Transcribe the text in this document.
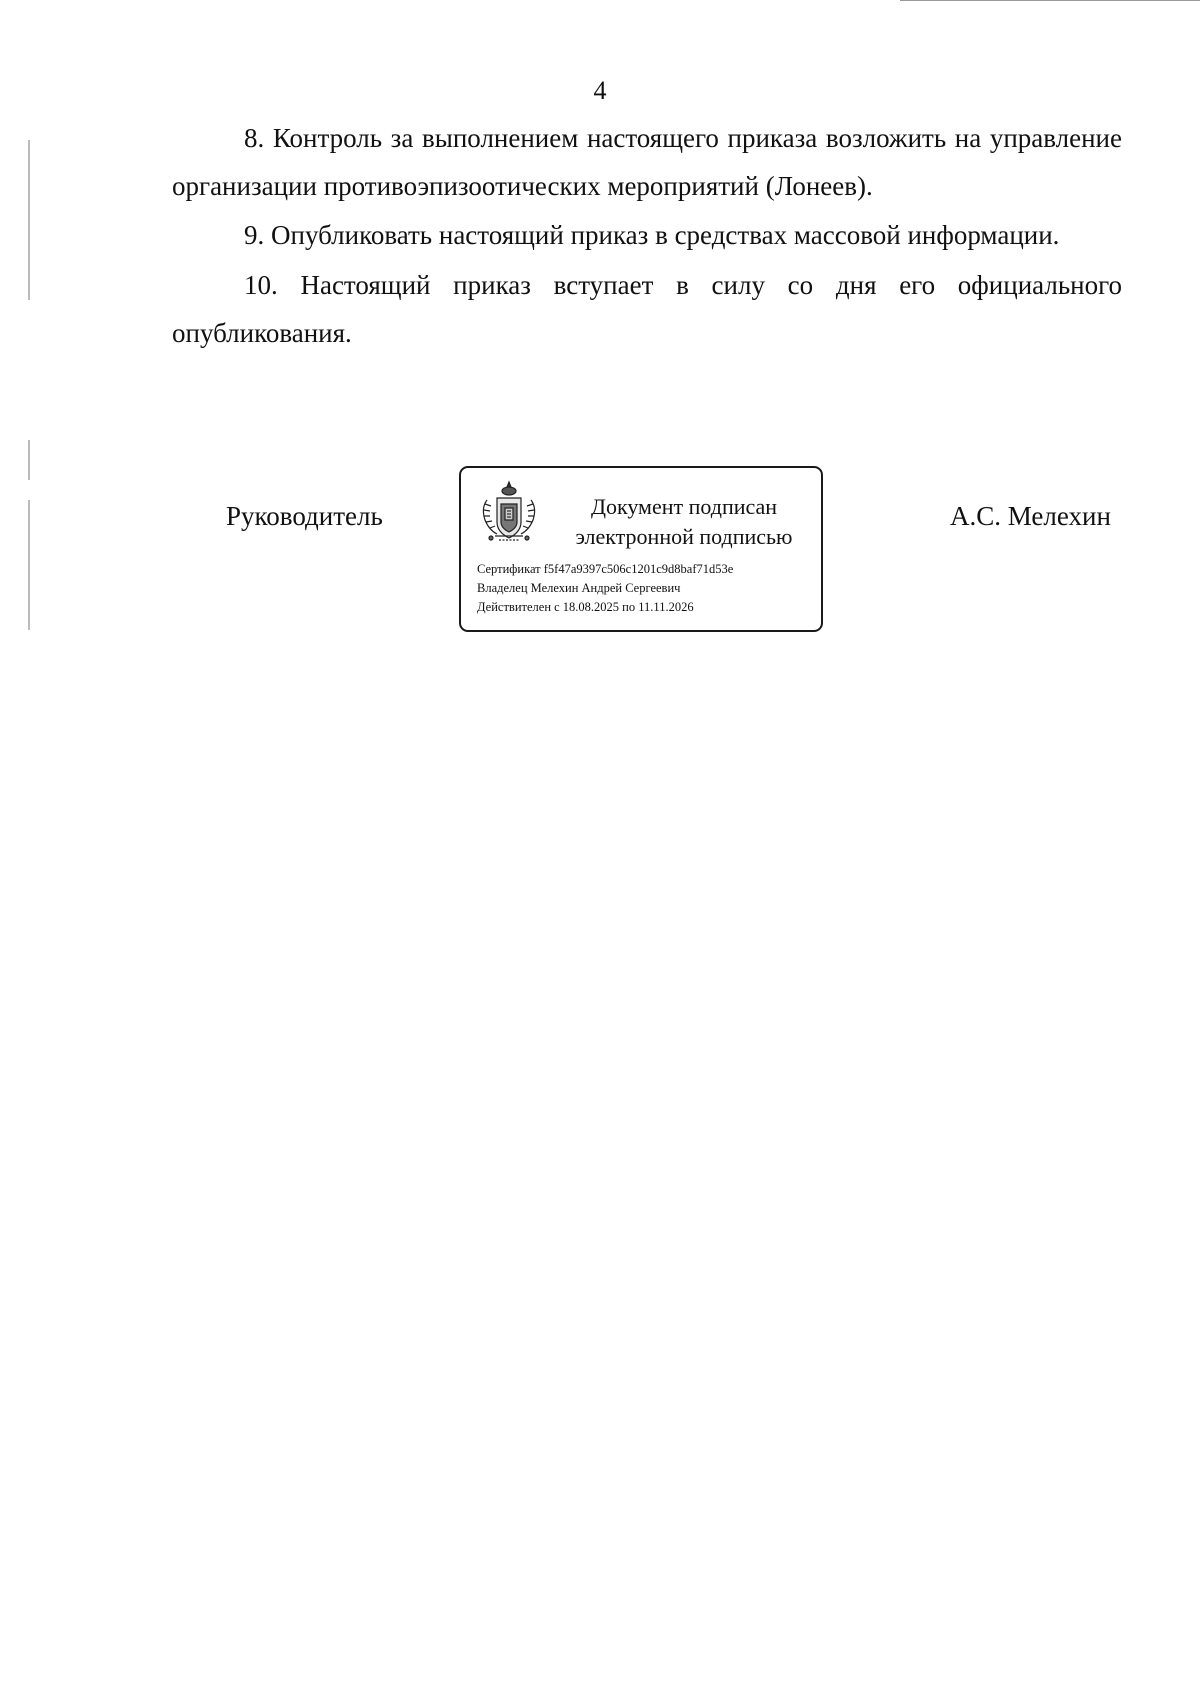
4

8. Контроль за выполнением настоящего приказа возложить на управление организации противоэпизоотических мероприятий (Лонеев).

9. Опубликовать настоящий приказ в средствах массовой информации.

10. Настоящий приказ вступает в силу со дня его официального опубликования.

Руководитель	Документ подписан
электронной подписью
Сертификат f5f47a9397c506c1201c9d8baf71d53e
Владелец Мелехин Андрей Сергеевич
Действителен с 18.08.2025 по 11.11.2026
А.С. Мелехин
